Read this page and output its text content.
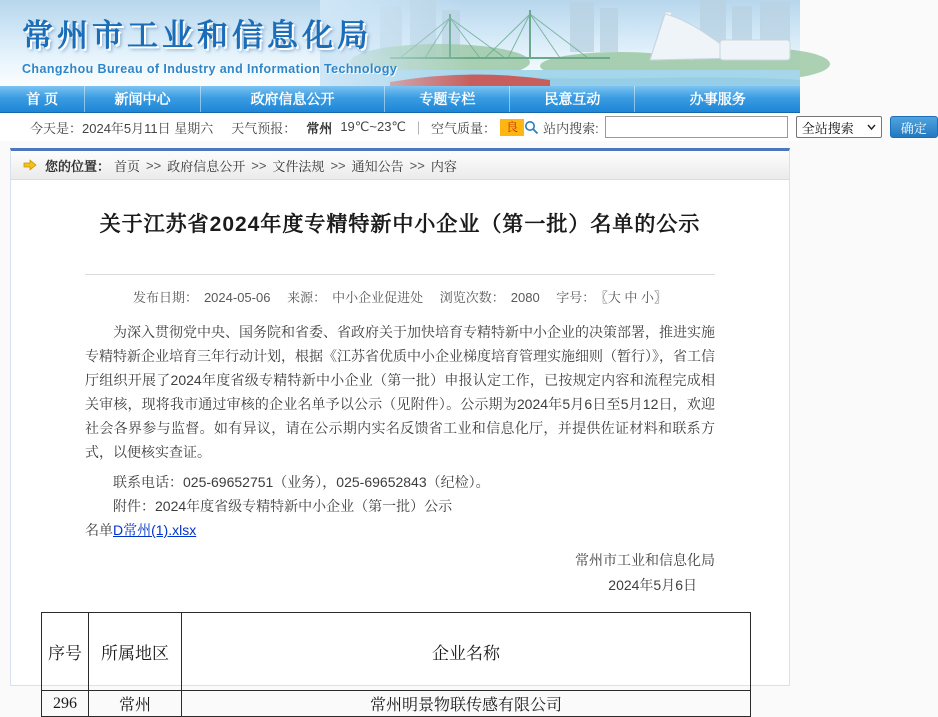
常州市工业和信息化局
Changzhou Bureau of Industry and Information Technology
首 页	新闻中心	政府信息公开	专题专栏	民意互动	办事服务
今天是： 2024年5月11日 星期六 天气预报： 常州 19℃~23℃ ｜ 空气质量： 良	站内搜索:	全站搜索	确定
您的位置： 首页 >> 政府信息公开 >> 文件法规 >> 通知公告 >> 内容
关于江苏省2024年度专精特新中小企业（第一批）名单的公示
发布日期： 2024-05-06 来源： 中小企业促进处 浏览次数： 2080 字号： 〖大 中 小〗

为深入贯彻党中央、国务院和省委、省政府关于加快培育专精特新中小企业的决策部署，推进实施专精特新企业培育三年行动计划，根据《江苏省优质中小企业梯度培育管理实施细则（暂行）》，省工信厅组织开展了2024年度省级专精特新中小企业（第一批）申报认定工作，已按规定内容和流程完成相关审核，现将我市通过审核的企业名单予以公示（见附件）。公示期为2024年5月6日至5月12日，欢迎社会各界参与监督。如有异议，请在公示期内实名反馈省工业和信息化厅，并提供佐证材料和联系方式，以便核实查证。

联系电话：025-69652751（业务），025-69652843（纪检）。

附件：2024年度省级专精特新中小企业（第一批）公示
名单D常州(1).xlsx

常州市工业和信息化局
2024年5月6日
序号	所属地区	企业名称
296	常州	常州明景物联传感有限公司
